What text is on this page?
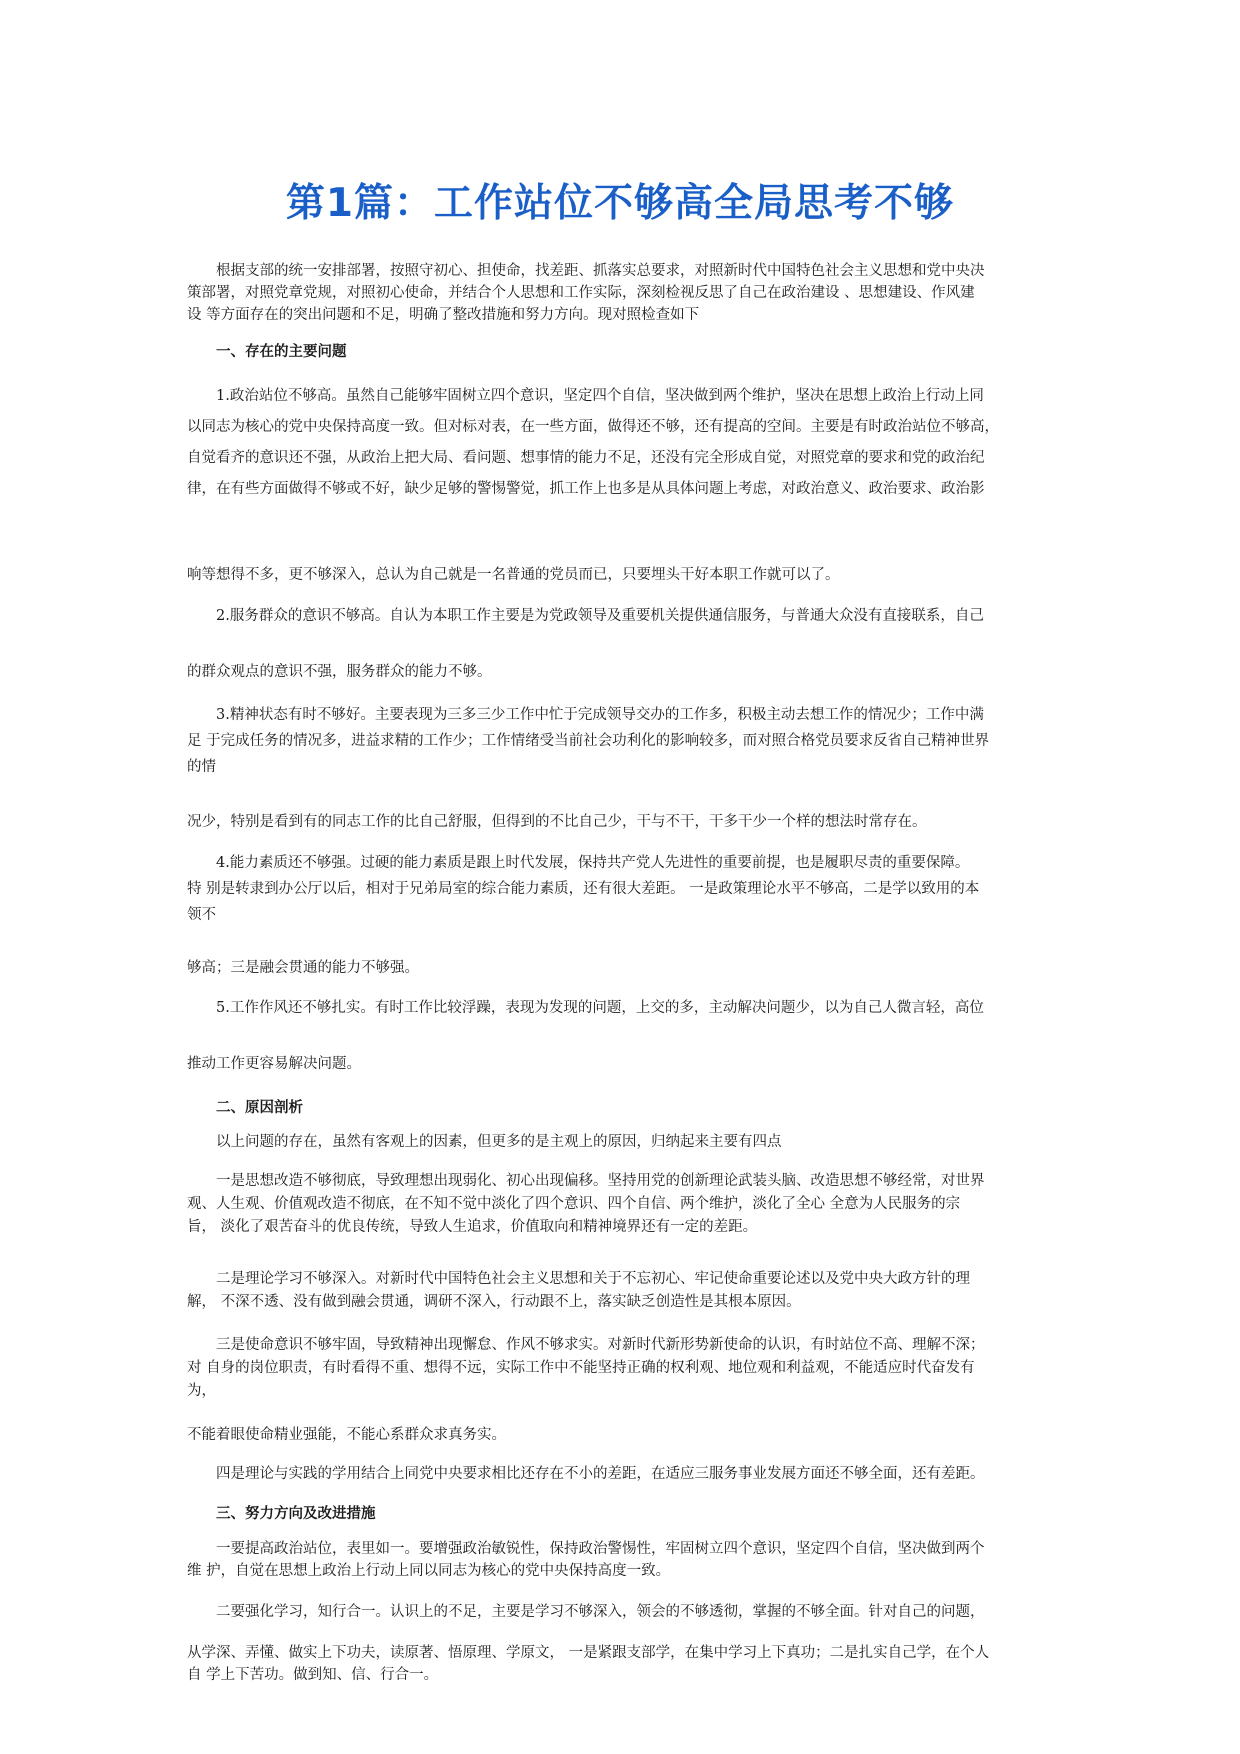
第1篇：工作站位不够高全局思考不够

根据支部的统一安排部署，按照守初心、担使命，找差距、抓落实总要求，对照新时代中国特色社会主义思想和党中央决
策部署，对照党章党规，对照初心使命，并结合个人思想和工作实际，深刻检视反思了自己在政治建设 、思想建设、作风建
设 等方面存在的突出问题和不足，明确了整改措施和努力方向。现对照检查如下

一、存在的主要问题

1.政治站位不够高。虽然自己能够牢固树立四个意识，坚定四个自信，坚决做到两个维护，坚决在思想上政治上行动上同
以同志为核心的党中央保持高度一致。但对标对表，在一些方面，做得还不够，还有提高的空间。主要是有时政治站位不够高，
自觉看齐的意识还不强，从政治上把大局、看问题、想事情的能力不足，还没有完全形成自觉，对照党章的要求和党的政治纪
律，在有些方面做得不够或不好，缺少足够的警惕警觉，抓工作上也多是从具体问题上考虑，对政治意义、政治要求、政治影

响等想得不多，更不够深入，总认为自己就是一名普通的党员而已，只要埋头干好本职工作就可以了。

2.服务群众的意识不够高。自认为本职工作主要是为党政领导及重要机关提供通信服务，与普通大众没有直接联系，自己

的群众观点的意识不强，服务群众的能力不够。

3.精神状态有时不够好。主要表现为三多三少工作中忙于完成领导交办的工作多，积极主动去想工作的情况少；工作中满
足 于完成任务的情况多，进益求精的工作少；工作情绪受当前社会功利化的影响较多，而对照合格党员要求反省自己精神世界
的情

况少，特别是看到有的同志工作的比自己舒服，但得到的不比自己少，干与不干，干多干少一个样的想法时常存在。

4.能力素质还不够强。过硬的能力素质是跟上时代发展，保持共产党人先进性的重要前提，也是履职尽责的重要保障。
特 别是转隶到办公厅以后，相对于兄弟局室的综合能力素质，还有很大差距。 一是政策理论水平不够高，二是学以致用的本
领不

够高；三是融会贯通的能力不够强。

5.工作作风还不够扎实。有时工作比较浮躁，表现为发现的问题，上交的多，主动解决问题少，以为自己人微言轻，高位

推动工作更容易解决问题。

二、原因剖析

以上问题的存在，虽然有客观上的因素，但更多的是主观上的原因，归纳起来主要有四点

一是思想改造不够彻底，导致理想出现弱化、初心出现偏移。坚持用党的创新理论武装头脑、改造思想不够经常，对世界
观、人生观、价值观改造不彻底，在不知不觉中淡化了四个意识、四个自信、两个维护，淡化了全心 全意为人民服务的宗
旨， 淡化了艰苦奋斗的优良传统，导致人生追求，价值取向和精神境界还有一定的差距。

二是理论学习不够深入。对新时代中国特色社会主义思想和关于不忘初心、牢记使命重要论述以及党中央大政方针的理
解， 不深不透、没有做到融会贯通，调研不深入，行动跟不上，落实缺乏创造性是其根本原因。

三是使命意识不够牢固，导致精神出现懈怠、作风不够求实。对新时代新形势新使命的认识，有时站位不高、理解不深；
对 自身的岗位职责，有时看得不重、想得不远，实际工作中不能坚持正确的权利观、地位观和利益观，不能适应时代奋发有
为，

不能着眼使命精业强能，不能心系群众求真务实。

四是理论与实践的学用结合上同党中央要求相比还存在不小的差距，在适应三服务事业发展方面还不够全面，还有差距。

三、努力方向及改进措施

一要提高政治站位，表里如一。要增强政治敏锐性，保持政治警惕性，牢固树立四个意识，坚定四个自信，坚决做到两个
维 护，自觉在思想上政治上行动上同以同志为核心的党中央保持高度一致。

二要强化学习，知行合一。认识上的不足，主要是学习不够深入，领会的不够透彻，掌握的不够全面。针对自己的问题，

从学深、弄懂、做实上下功夫，读原著、悟原理、学原文， 一是紧跟支部学，在集中学习上下真功；二是扎实自己学，在个人
自 学上下苦功。做到知、信、行合一。
